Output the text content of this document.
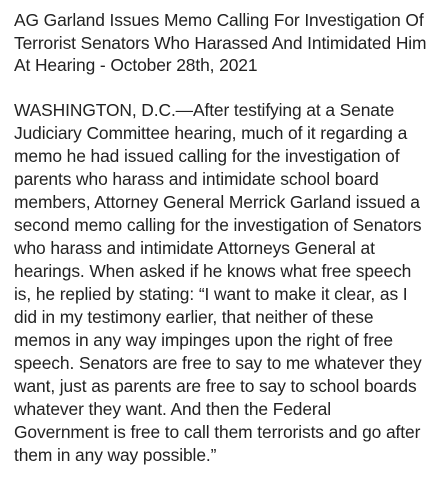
AG Garland Issues Memo Calling For Investigation Of Terrorist Senators Who Harassed And Intimidated Him At Hearing - October 28th, 2021

WASHINGTON, D.C.—After testifying at a Senate Judiciary Committee hearing, much of it regarding a memo he had issued calling for the investigation of parents who harass and intimidate school board members, Attorney General Merrick Garland issued a second memo calling for the investigation of Senators who harass and intimidate Attorneys General at hearings. When asked if he knows what free speech is, he replied by stating: “I want to make it clear, as I did in my testimony earlier, that neither of these memos in any way impinges upon the right of free speech. Senators are free to say to me whatever they want, just as parents are free to say to school boards whatever they want. And then the Federal Government is free to call them terrorists and go after them in any way possible.”
